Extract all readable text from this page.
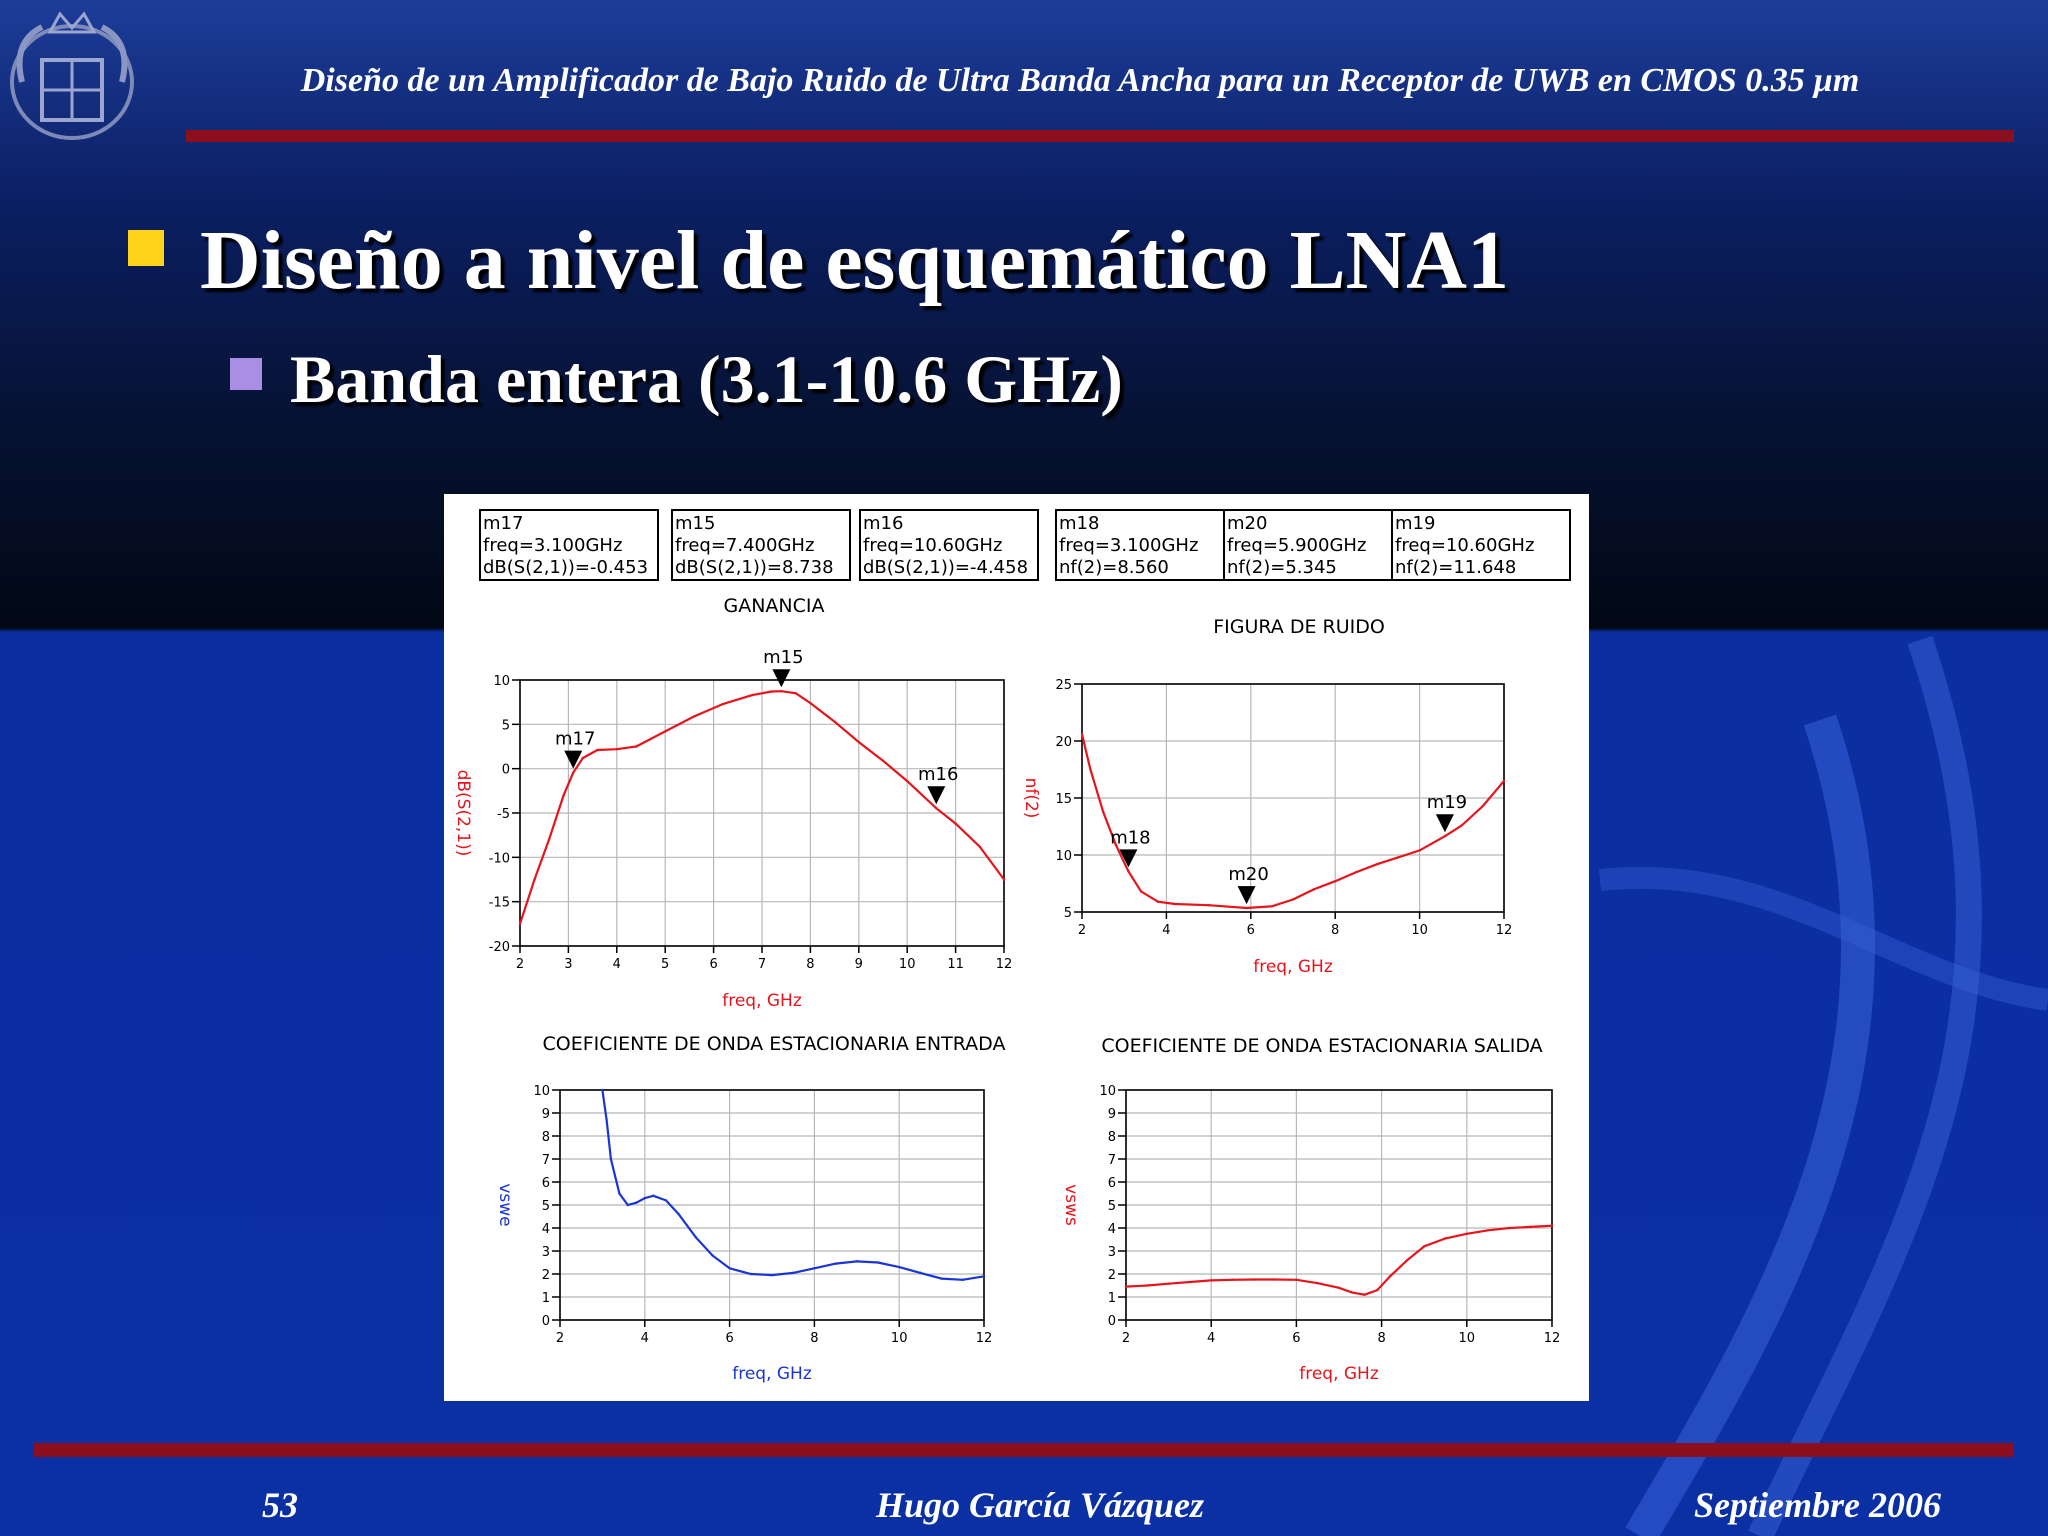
Diseño de un Amplificador de Bajo Ruido de Ultra Banda Ancha para un Receptor de UWB en CMOS 0.35 µm
Diseño a nivel de esquemático LNA1
Banda entera (3.1-10.6 GHz)
m17
freq=3.100GHz
dB(S(2,1))=-0.453
m15
freq=7.400GHz
dB(S(2,1))=8.738
m16
freq=10.60GHz
dB(S(2,1))=-4.458
m18
freq=3.100GHz
nf(2)=8.560
m20
freq=5.900GHz
nf(2)=5.345
m19
freq=10.60GHz
nf(2)=11.648
GANANCIA
2	3	4	5	6	7	8	9	10 11 12
-20
-15
-10
-5
0
5
10
freq, GHz
dB(S(2,1))
m17
m15
m16
FIGURA DE RUIDO
2	4	6	8	10	12
5
10
15
20
25
freq, GHz
nf(2)
m18
m20
m19
COEFICIENTE DE ONDA ESTACIONARIA ENTRADA
2	4	6	8	10	12
0
1
2
3
4
5
6
7
8
9
10
freq, GHz
vswe
COEFICIENTE DE ONDA ESTACIONARIA SALIDA
2	4	6	8	10	12
0
1
2
3
4
5
6
7
8
9
10
freq, GHz
vsws
53	Hugo García Vázquez	Septiembre 2006
